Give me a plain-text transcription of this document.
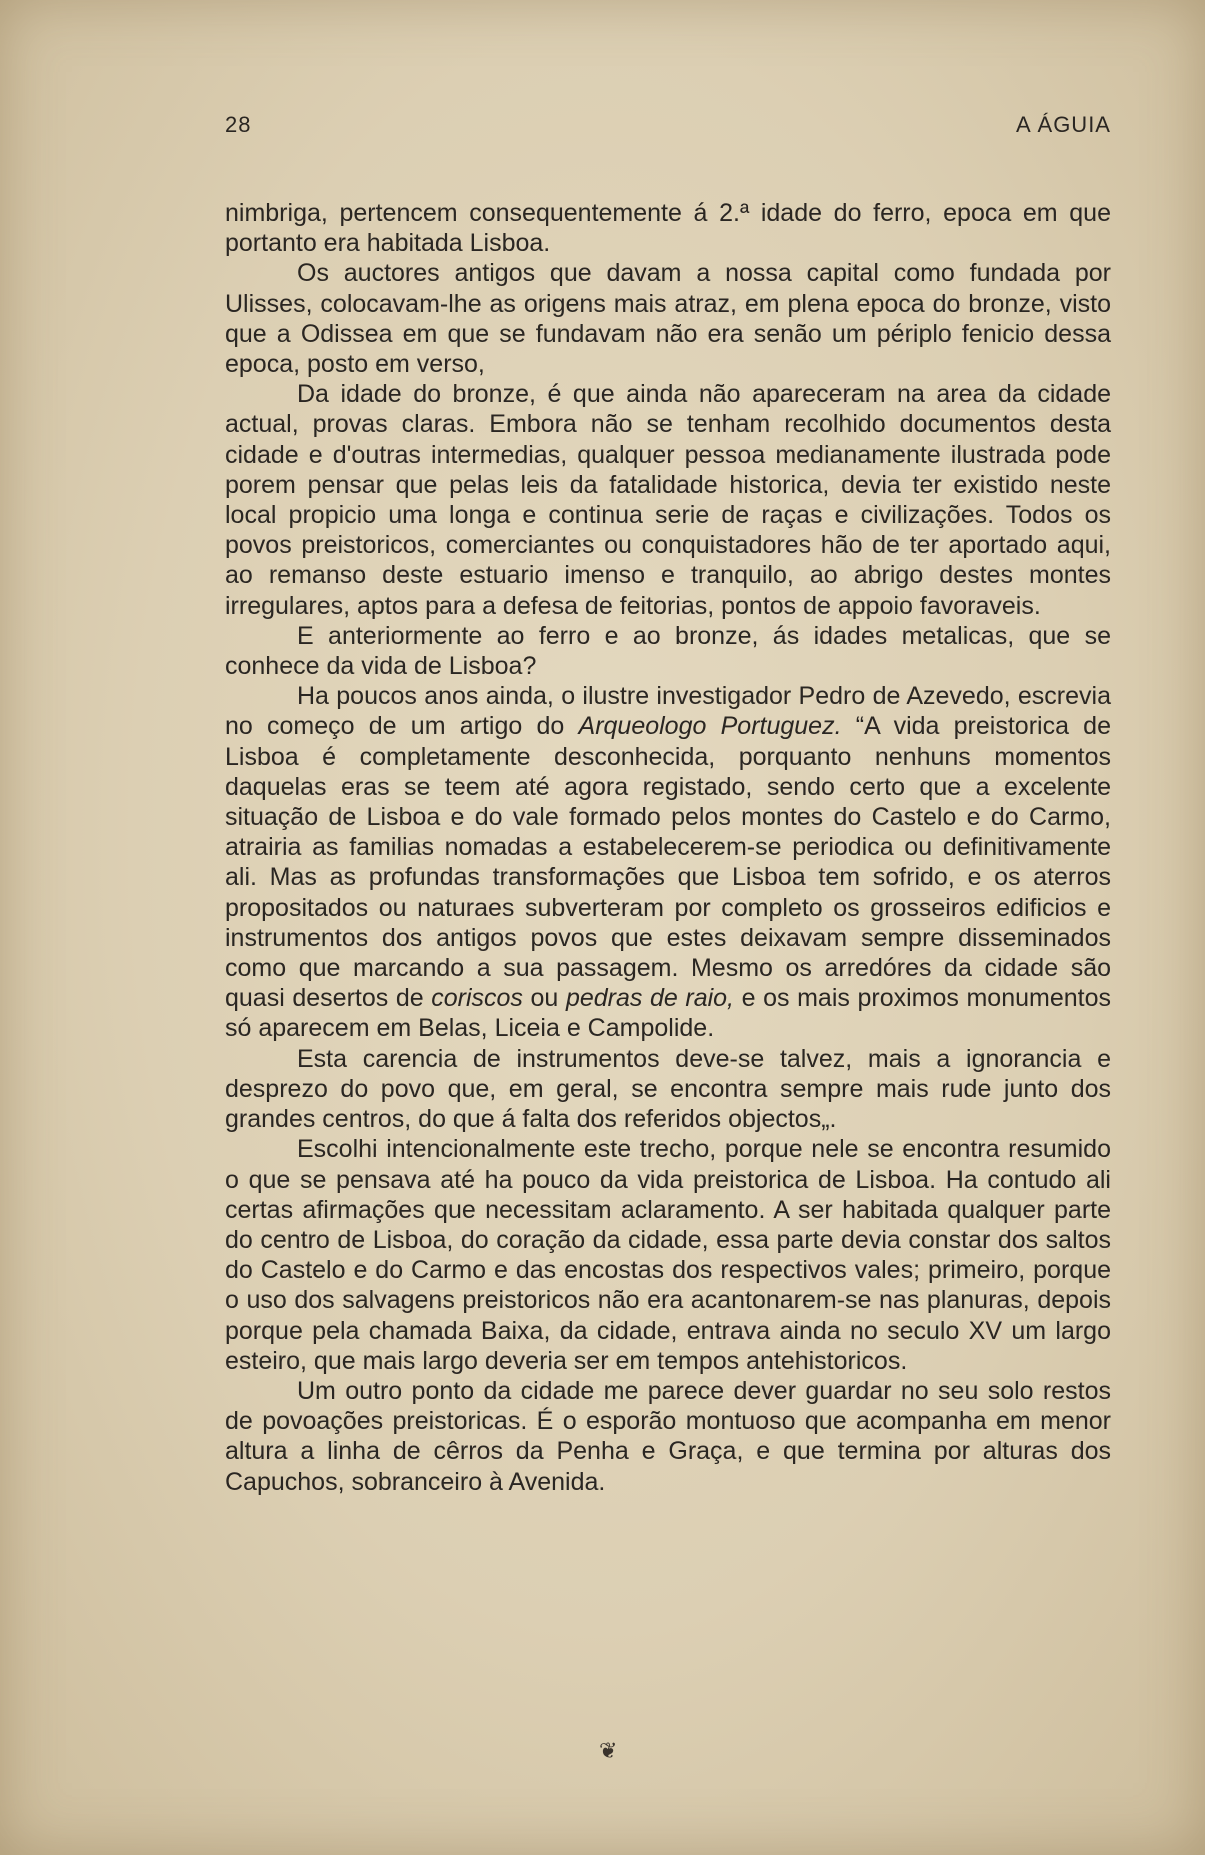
28	A ÁGUIA

nimbriga, pertencem consequentemente á 2.ª idade do ferro, epoca em que portanto era habitada Lisboa.

Os auctores antigos que davam a nossa capital como fundada por Ulisses, colocavam-lhe as origens mais atraz, em plena epoca do bronze, visto que a Odissea em que se fundavam não era senão um périplo fenicio dessa epoca, posto em verso,

Da idade do bronze, é que ainda não apareceram na area da cidade actual, provas claras. Embora não se tenham recolhido documentos desta cidade e d'outras intermedias, qualquer pessoa medianamente ilustrada pode porem pensar que pelas leis da fatalidade historica, devia ter existido neste local propicio uma longa e continua serie de raças e civilizações. Todos os povos preistoricos, comerciantes ou conquistadores hão de ter aportado aqui, ao remanso deste estuario imenso e tranquilo, ao abrigo destes montes irregulares, aptos para a defesa de feitorias, pontos de appoio favoraveis.

E anteriormente ao ferro e ao bronze, ás idades metalicas, que se conhece da vida de Lisboa?

Ha poucos anos ainda, o ilustre investigador Pedro de Azevedo, escrevia no começo de um artigo do Arqueologo Portuguez. “A vida preistorica de Lisboa é completamente desconhecida, porquanto nenhuns momentos daquelas eras se teem até agora registado, sendo certo que a excelente situação de Lisboa e do vale formado pelos montes do Castelo e do Carmo, atrairia as familias nomadas a estabelecerem-se periodica ou definitivamente ali. Mas as profundas transformações que Lisboa tem sofrido, e os aterros propositados ou naturaes subverteram por completo os grosseiros edificios e instrumentos dos antigos povos que estes deixavam sempre disseminados como que marcando a sua passagem. Mesmo os arredóres da cidade são quasi desertos de coriscos ou pedras de raio, e os mais proximos monumentos só aparecem em Belas, Liceia e Campolide.

Esta carencia de instrumentos deve-se talvez, mais a ignorancia e desprezo do povo que, em geral, se encontra sempre mais rude junto dos grandes centros, do que á falta dos referidos objectos„.

Escolhi intencionalmente este trecho, porque nele se encontra resumido o que se pensava até ha pouco da vida preistorica de Lisboa. Ha contudo ali certas afirmações que necessitam aclaramento. A ser habitada qualquer parte do centro de Lisboa, do coração da cidade, essa parte devia constar dos saltos do Castelo e do Carmo e das encostas dos respectivos vales; primeiro, porque o uso dos salvagens preistoricos não era acantonarem-se nas planuras, depois porque pela chamada Baixa, da cidade, entrava ainda no seculo XV um largo esteiro, que mais largo deveria ser em tempos antehistoricos.

Um outro ponto da cidade me parece dever guardar no seu solo restos de povoações preistoricas. É o esporão montuoso que acompanha em menor altura a linha de cêrros da Penha e Graça, e que termina por alturas dos Capuchos, sobranceiro à Avenida.

❦
